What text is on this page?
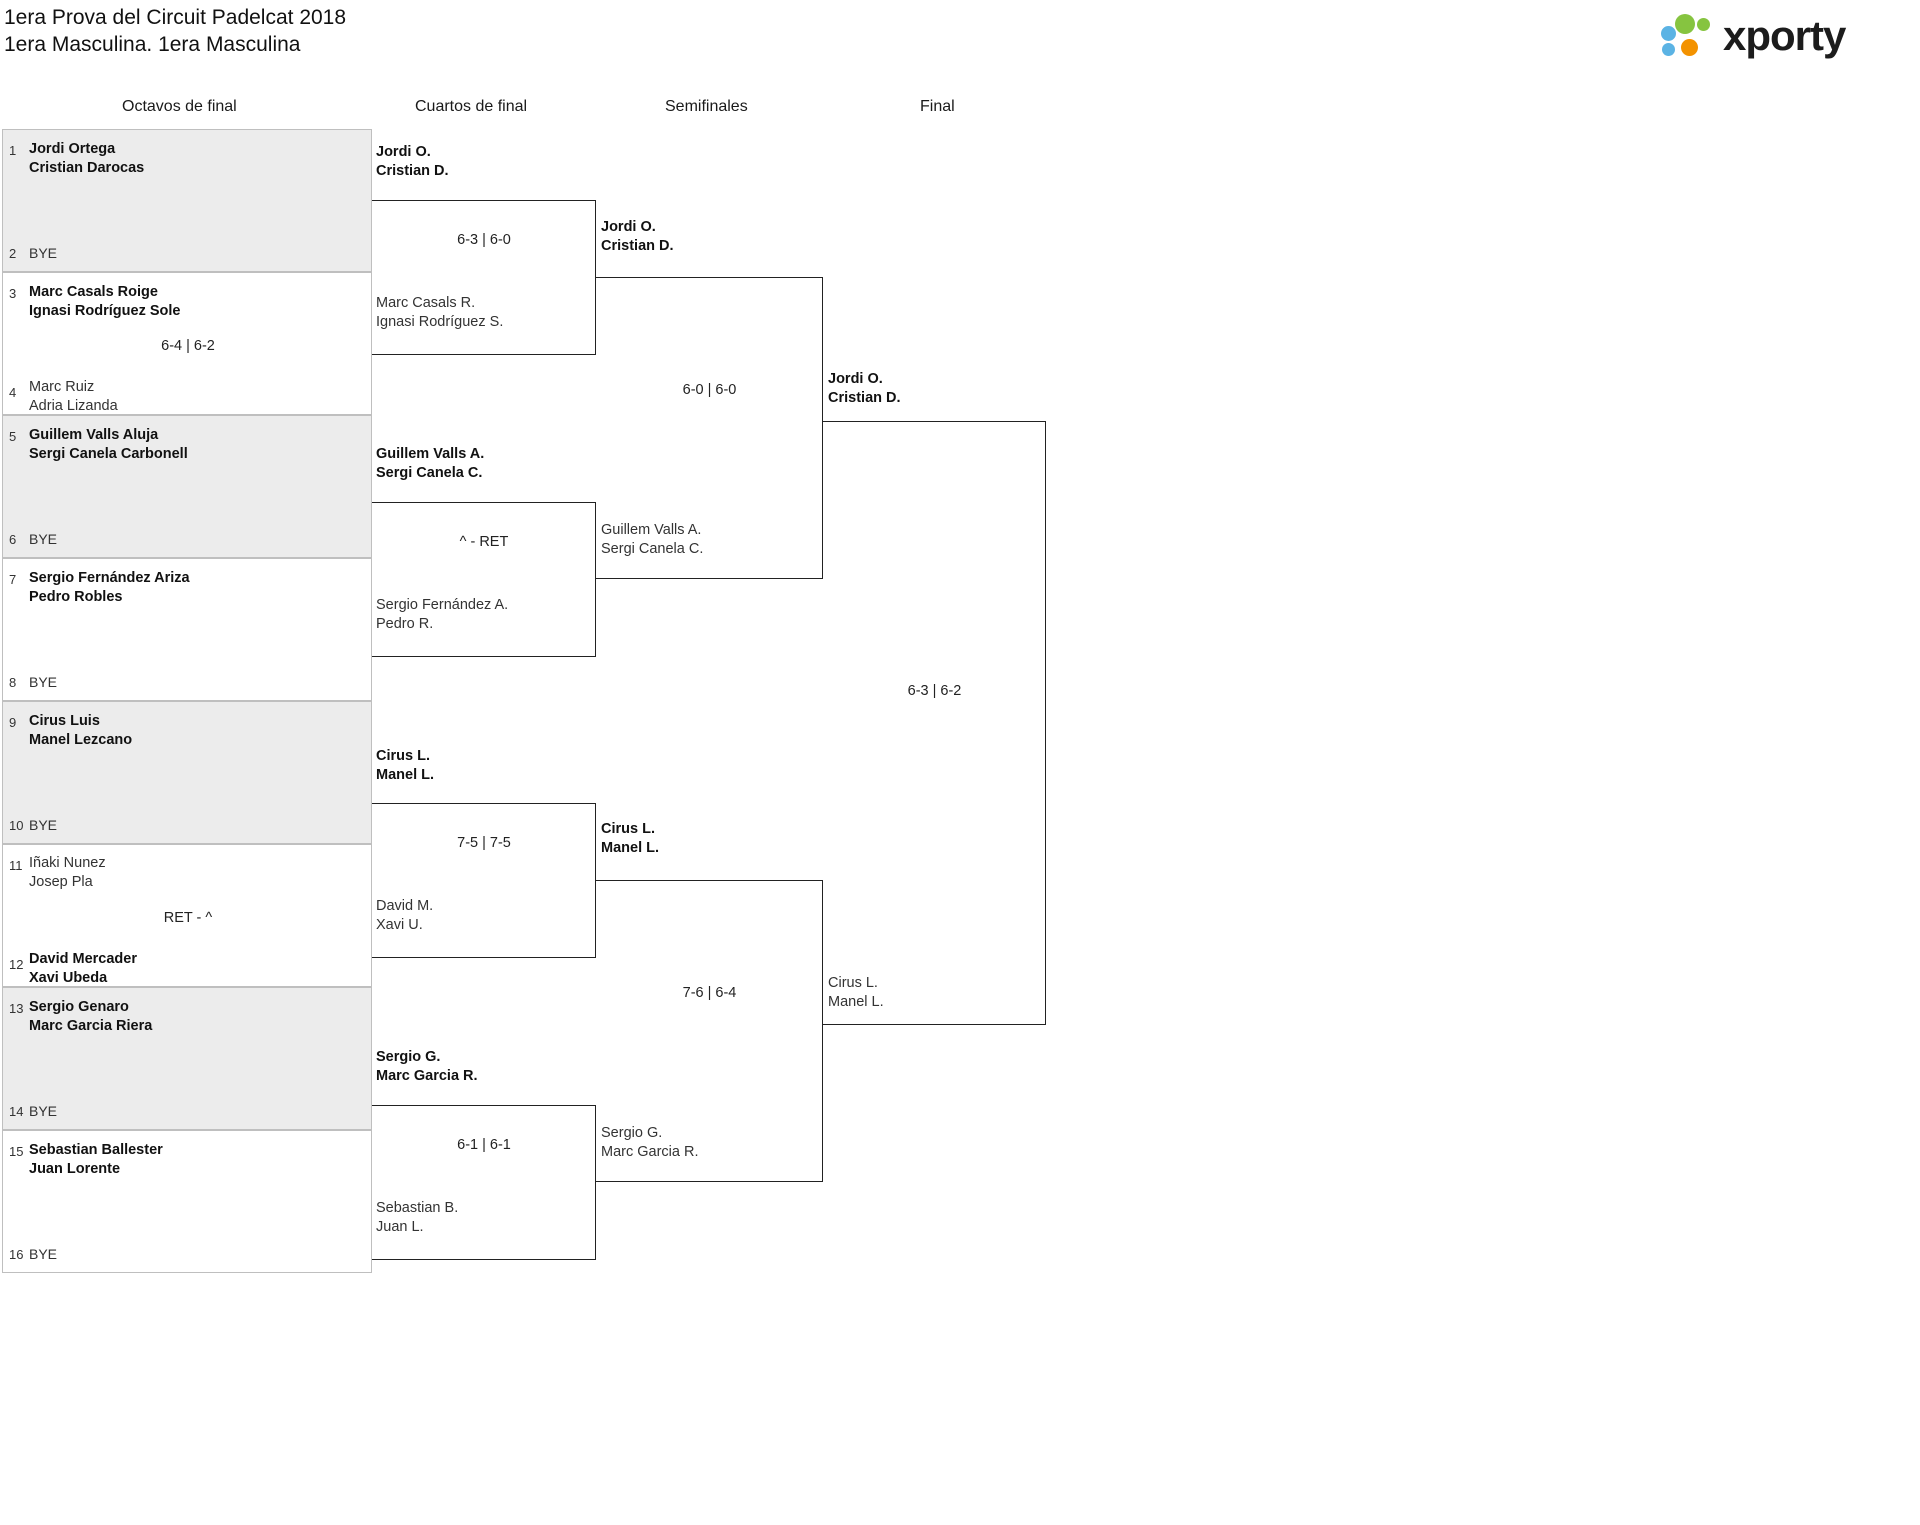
1era Prova del Circuit Padelcat 2018
1era Masculina. 1era Masculina	xporty
Octavos de final	Cuartos de final	Semifinales	Final
1 Jordi Ortega
Cristian Darocas
2 BYE
3 Marc Casals Roige
Ignasi Rodríguez Sole
6-4 | 6-2
4 Marc Ruiz
Adria Lizanda
5 Guillem Valls Aluja
Sergi Canela Carbonell
6 BYE
7 Sergio Fernández Ariza
Pedro Robles
8 BYE
9 Cirus Luis
Manel Lezcano
10 BYE
11 Iñaki Nunez
Josep Pla
RET - ^
12 David Mercader
Xavi Ubeda
13 Sergio Genaro
Marc Garcia Riera
14 BYE
15 Sebastian Ballester
Juan Lorente
16 BYE
Jordi O.
Cristian D.
6-3 | 6-0
Marc Casals R.
Ignasi Rodríguez S.
Guillem Valls A.
Sergi Canela C.
^ - RET
Sergio Fernández A.
Pedro R.
Cirus L.
Manel L.
7-5 | 7-5
David M.
Xavi U.
Sergio G.
Marc Garcia R.
6-1 | 6-1
Sebastian B.
Juan L.
Jordi O.
Cristian D.
6-0 | 6-0
Guillem Valls A.
Sergi Canela C.
Cirus L.
Manel L.
7-6 | 6-4
Sergio G.
Marc Garcia R.
Jordi O.
Cristian D.
6-3 | 6-2
Cirus L.
Manel L.
